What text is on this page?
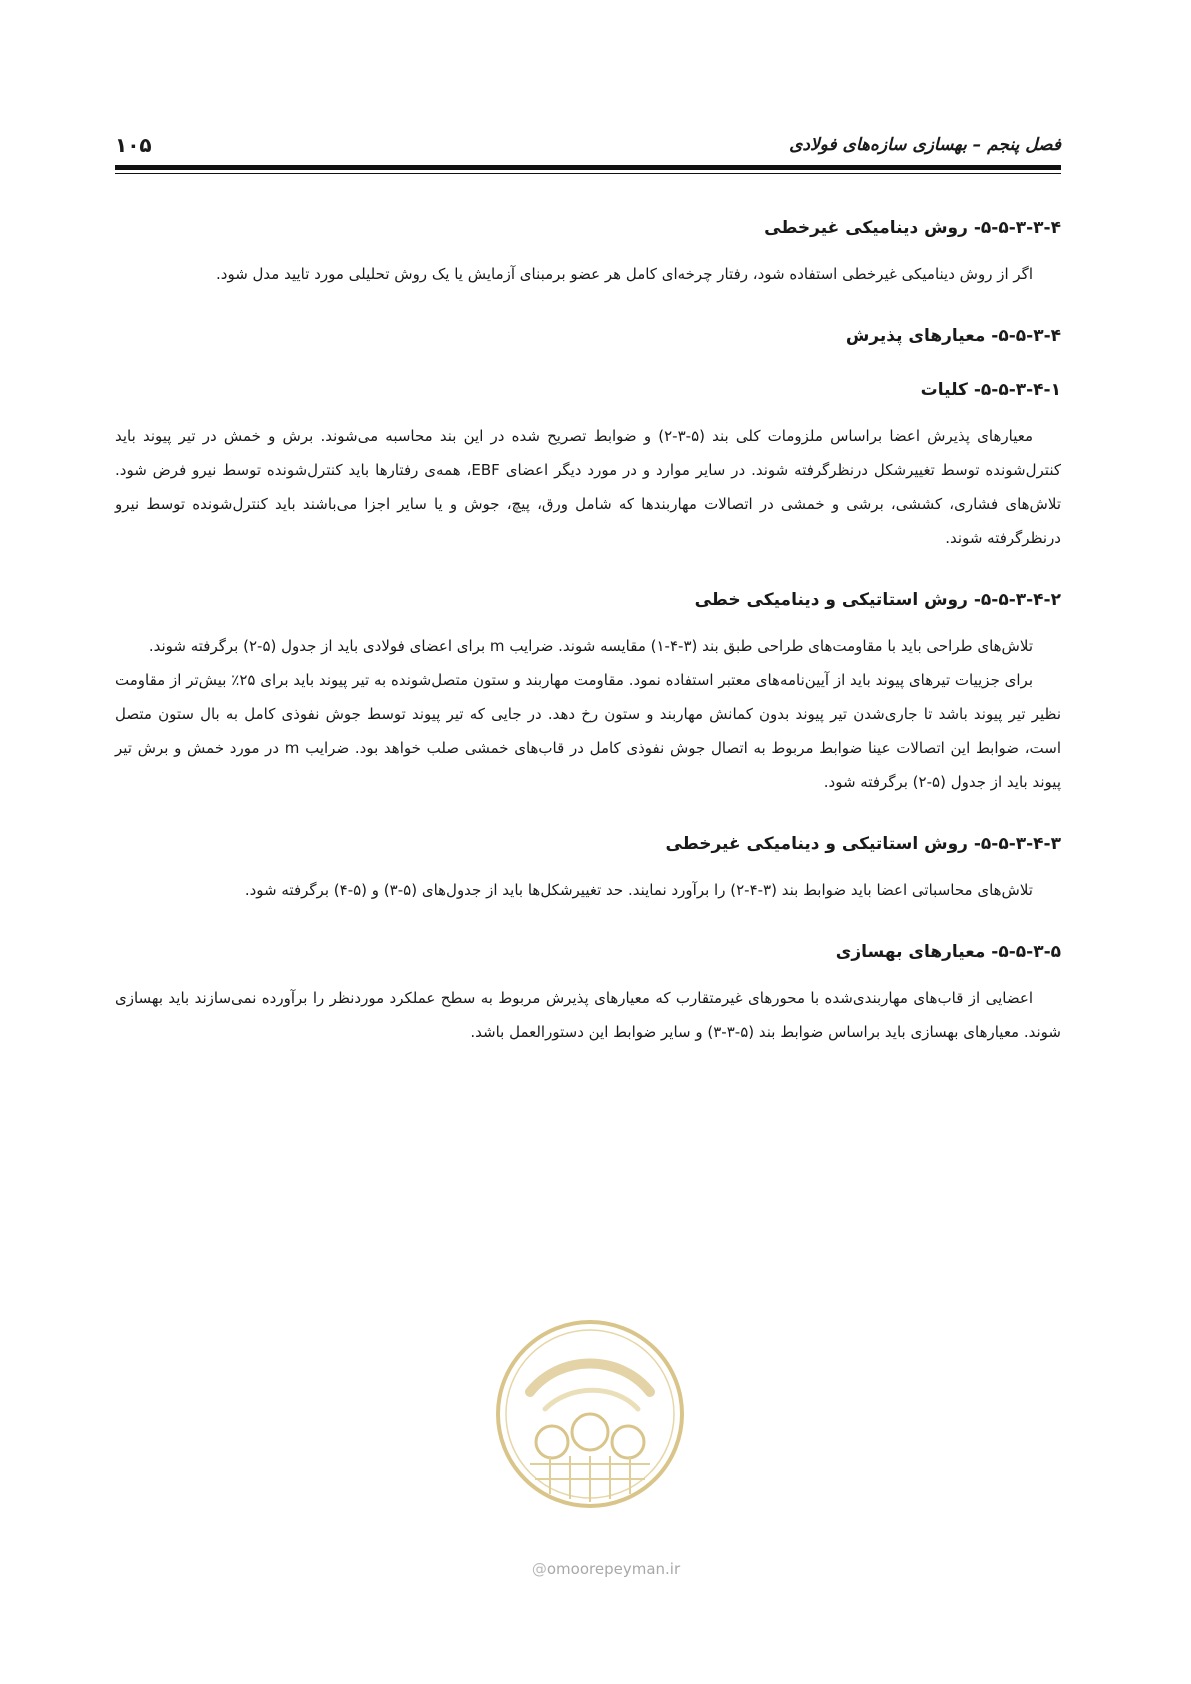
فصل پنجم – بهسازی سازه‌های فولادی
۱۰۵
۵-۵-۳-۳-۴- روش دینامیکی غیرخطی

اگر از روش دینامیکی غیرخطی استفاده شود، رفتار چرخه‌ای کامل هر عضو برمبنای آزمایش یا یک روش تحلیلی مورد تایید مدل شود.

۵-۵-۳-۴- معیارهای پذیرش
۵-۵-۳-۴-۱- کلیات

معیارهای پذیرش اعضا براساس ملزومات کلی بند (۵-۳-۲) و ضوابط تصریح شده در این بند محاسبه می‌شوند. برش و خمش در تیر پیوند باید کنترل‌شونده توسط تغییرشکل درنظرگرفته شوند. در سایر موارد و در مورد دیگر اعضای EBF، همه‌ی رفتارها باید کنترل‌شونده توسط نیرو فرض شود. تلاش‌های فشاری، کششی، برشی و خمشی در اتصالات مهاربندها که شامل ورق، پیچ، جوش و یا سایر اجزا می‌باشند باید کنترل‌شونده توسط نیرو درنظرگرفته شوند.

۵-۵-۳-۴-۲- روش استاتیکی و دینامیکی خطی

تلاش‌های طراحی باید با مقاومت‌های طراحی طبق بند (۳-۴-۱) مقایسه شوند. ضرایب m برای اعضای فولادی باید از جدول (۵-۲) برگرفته شوند.

برای جزییات تیرهای پیوند باید از آیین‌نامه‌های معتبر استفاده نمود. مقاومت مهاربند و ستون متصل‌شونده به تیر پیوند باید برای ۲۵٪ بیش‌تر از مقاومت نظیر تیر پیوند باشد تا جاری‌شدن تیر پیوند بدون کمانش مهاربند و ستون رخ دهد. در جایی که تیر پیوند توسط جوش نفوذی کامل به بال ستون متصل است، ضوابط این اتصالات عینا ضوابط مربوط به اتصال جوش نفوذی کامل در قاب‌های خمشی صلب خواهد بود. ضرایب m در مورد خمش و برش تیر پیوند باید از جدول (۵-۲) برگرفته شود.

۵-۵-۳-۴-۳- روش استاتیکی و دینامیکی غیرخطی

تلاش‌های محاسباتی اعضا باید ضوابط بند (۳-۴-۲) را برآورد نمایند. حد تغییرشکل‌ها باید از جدول‌های (۵-۳) و (۵-۴) برگرفته شود.

۵-۵-۳-۵- معیارهای بهسازی

اعضایی از قاب‌های مهاربندی‌شده با محورهای غیرمتقارب که معیارهای پذیرش مربوط به سطح عملکرد موردنظر را برآورده نمی‌سازند باید بهسازی شوند. معیارهای بهسازی باید براساس ضوابط بند (۵-۳-۳) و سایر ضوابط این دستورالعمل باشد.

@omoorepeyman.ir
